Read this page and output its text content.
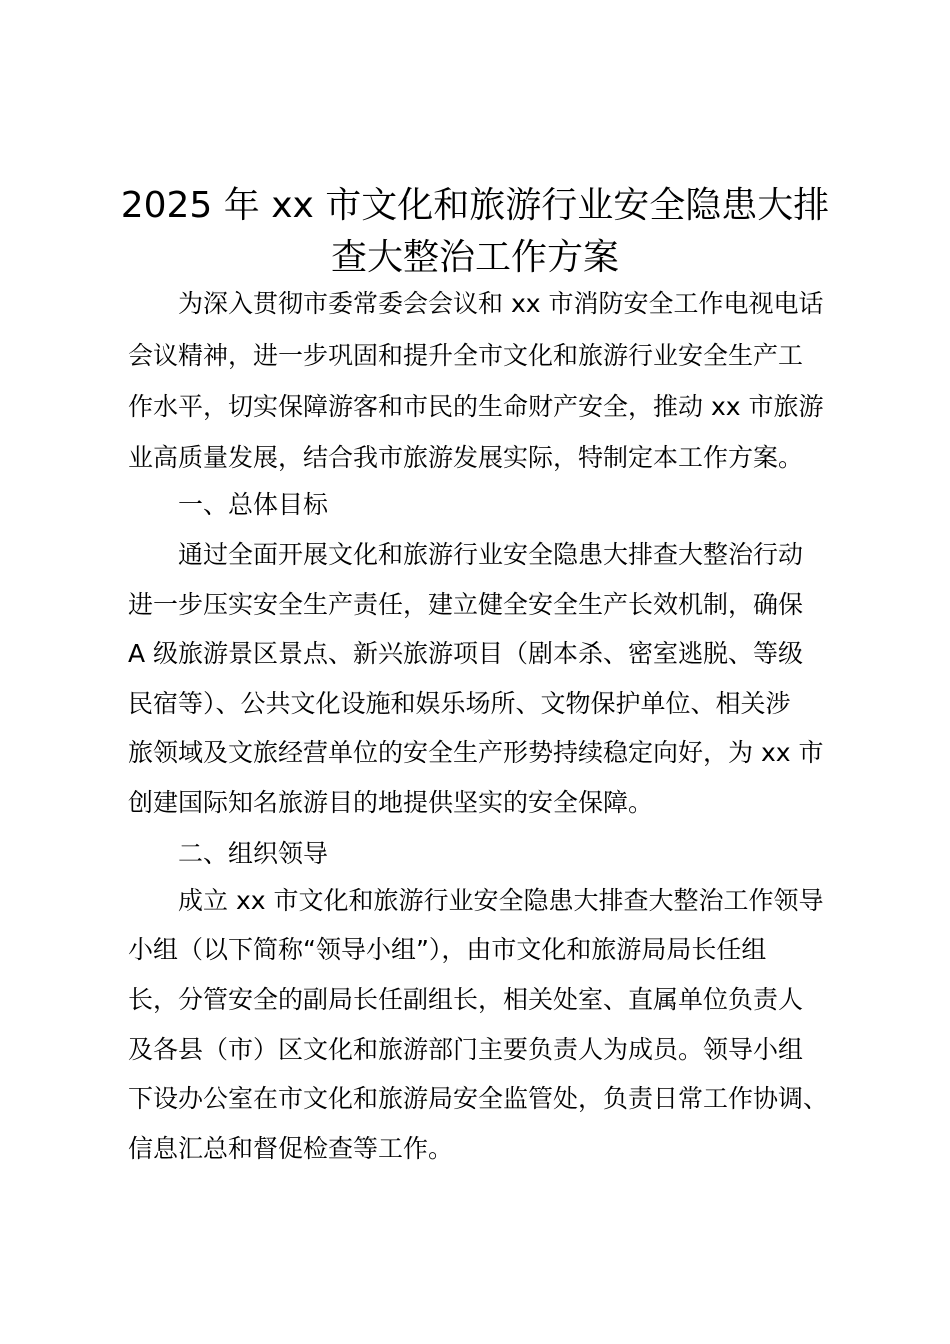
2025 年 xx 市文化和旅游行业安全隐患大排
查大整治工作方案
为深入贯彻市委常委会会议和 xx 市消防安全工作电视电话
会议精神，进一步巩固和提升全市文化和旅游行业安全生产工
作水平，切实保障游客和市民的生命财产安全，推动 xx 市旅游
业高质量发展，结合我市旅游发展实际，特制定本工作方案。
一、总体目标
通过全面开展文化和旅游行业安全隐患大排查大整治行动
进一步压实安全生产责任，建立健全安全生产长效机制，确保
A 级旅游景区景点、新兴旅游项目（剧本杀、密室逃脱、等级
民宿等）、公共文化设施和娱乐场所、文物保护单位、相关涉
旅领域及文旅经营单位的安全生产形势持续稳定向好，为 xx 市
创建国际知名旅游目的地提供坚实的安全保障。
二、组织领导
成立 xx 市文化和旅游行业安全隐患大排查大整治工作领导
小组（以下简称“领导小组”），由市文化和旅游局局长任组
长，分管安全的副局长任副组长，相关处室、直属单位负责人
及各县（市）区文化和旅游部门主要负责人为成员。领导小组
下设办公室在市文化和旅游局安全监管处，负责日常工作协调、
信息汇总和督促检查等工作。
